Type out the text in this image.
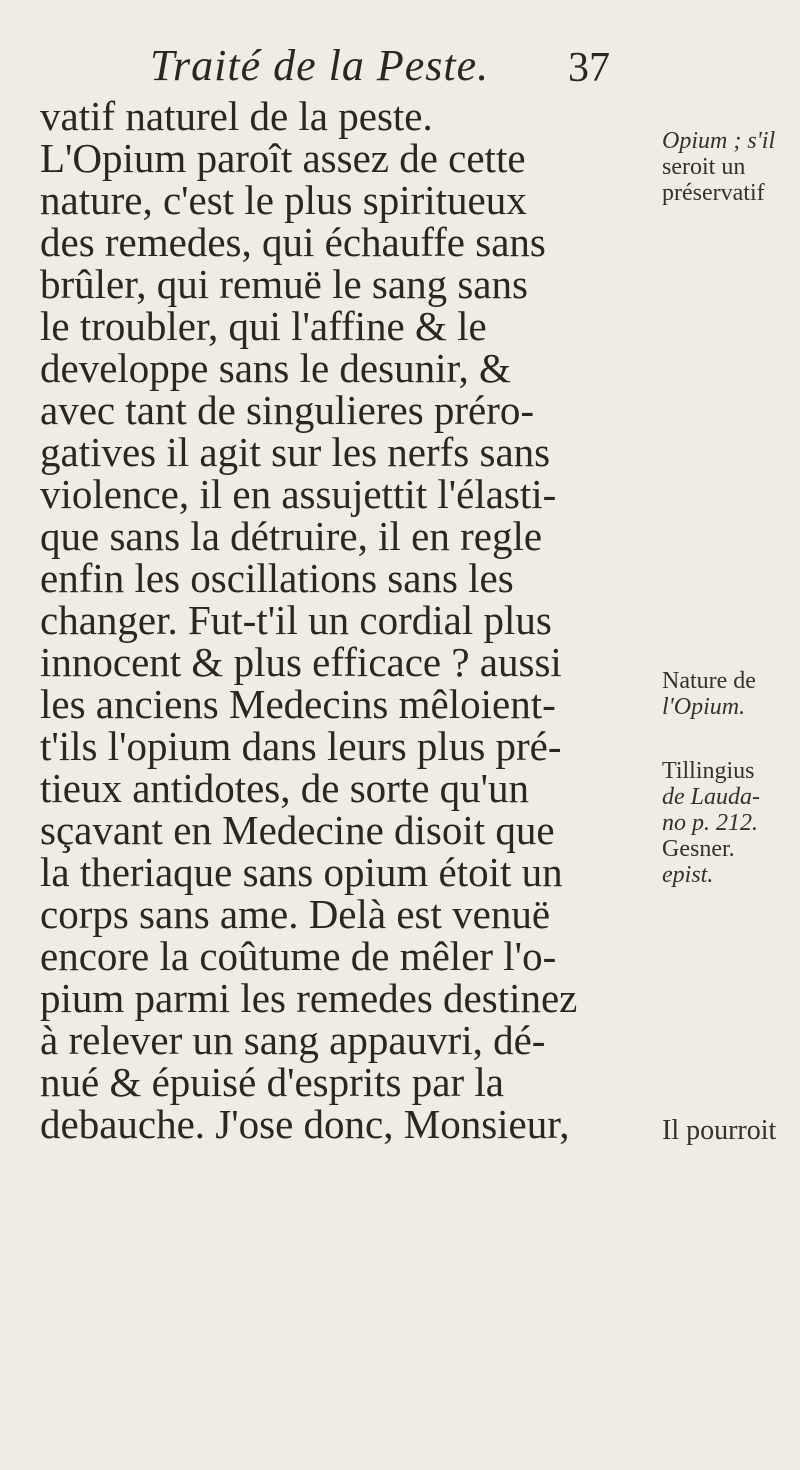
Traité de la Peste. 37
vatif naturel de la peste.
L'Opium paroît assez de cette
nature, c'est le plus spiritueux
des remedes, qui échauffe sans
brûler, qui remuë le sang sans
le troubler, qui l'affine & le
developpe sans le desunir, &
avec tant de singulieres préro-
gatives il agit sur les nerfs sans
violence, il en assujettit l'élasti-
que sans la détruire, il en regle
enfin les oscillations sans les
changer. Fut-t'il un cordial plus
innocent & plus efficace ? aussi
les anciens Medecins mêloient-
t'ils l'opium dans leurs plus pré-
tieux antidotes, de sorte qu'un
sçavant en Medecine disoit que
la theriaque sans opium étoit un
corps sans ame. Delà est venuë
encore la coûtume de mêler l'o-
pium parmi les remedes destinez
à relever un sang appauvri, dé-
nué & épuisé d'esprits par la
debauche. J'ose donc, Monsieur,
Opium ; s'il
seroit un
préservatif
Nature de
l'Opium.
Tillingius
de Lauda-
no p. 212.
Gesner.
epist.
Il pourroit
